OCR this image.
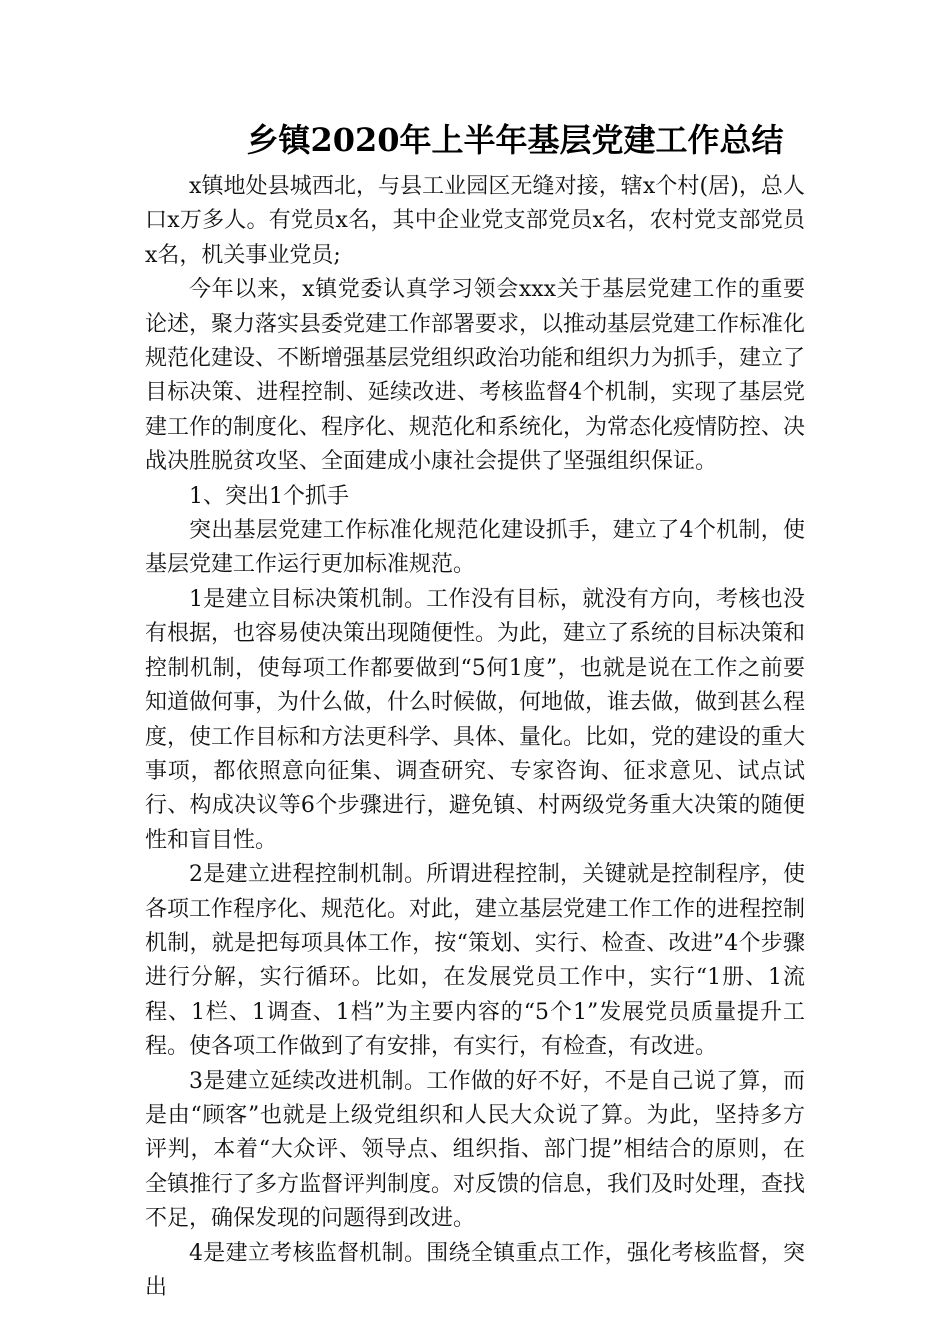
乡镇2020年上半年基层党建工作总结

x镇地处县城西北，与县工业园区无缝对接，辖x个村(居)，总人口x万多人。有党员x名，其中企业党支部党员x名，农村党支部党员x名，机关事业党员;

今年以来，x镇党委认真学习领会xxx关于基层党建工作的重要论述，聚力落实县委党建工作部署要求，以推动基层党建工作标准化规范化建设、不断增强基层党组织政治功能和组织力为抓手，建立了目标决策、进程控制、延续改进、考核监督4个机制，实现了基层党建工作的制度化、程序化、规范化和系统化，为常态化疫情防控、决战决胜脱贫攻坚、全面建成小康社会提供了坚强组织保证。

1、突出1个抓手

突出基层党建工作标准化规范化建设抓手，建立了4个机制，使基层党建工作运行更加标准规范。

1是建立目标决策机制。工作没有目标，就没有方向，考核也没有根据，也容易使决策出现随便性。为此，建立了系统的目标决策和控制机制，使每项工作都要做到“5何1度”，也就是说在工作之前要知道做何事，为什么做，什么时候做，何地做，谁去做，做到甚么程度，使工作目标和方法更科学、具体、量化。比如，党的建设的重大事项，都依照意向征集、调查研究、专家咨询、征求意见、试点试行、构成决议等6个步骤进行，避免镇、村两级党务重大决策的随便性和盲目性。

2是建立进程控制机制。所谓进程控制，关键就是控制程序，使各项工作程序化、规范化。对此，建立基层党建工作工作的进程控制机制，就是把每项具体工作，按“策划、实行、检查、改进”4个步骤进行分解，实行循环。比如，在发展党员工作中，实行“1册、1流程、1栏、1调查、1档”为主要内容的“5个1”发展党员质量提升工程。使各项工作做到了有安排，有实行，有检查，有改进。

3是建立延续改进机制。工作做的好不好，不是自己说了算，而是由“顾客”也就是上级党组织和人民大众说了算。为此，坚持多方评判，本着“大众评、领导点、组织指、部门提”相结合的原则，在全镇推行了多方监督评判制度。对反馈的信息，我们及时处理，查找不足，确保发现的问题得到改进。

4是建立考核监督机制。围绕全镇重点工作，强化考核监督，突出
